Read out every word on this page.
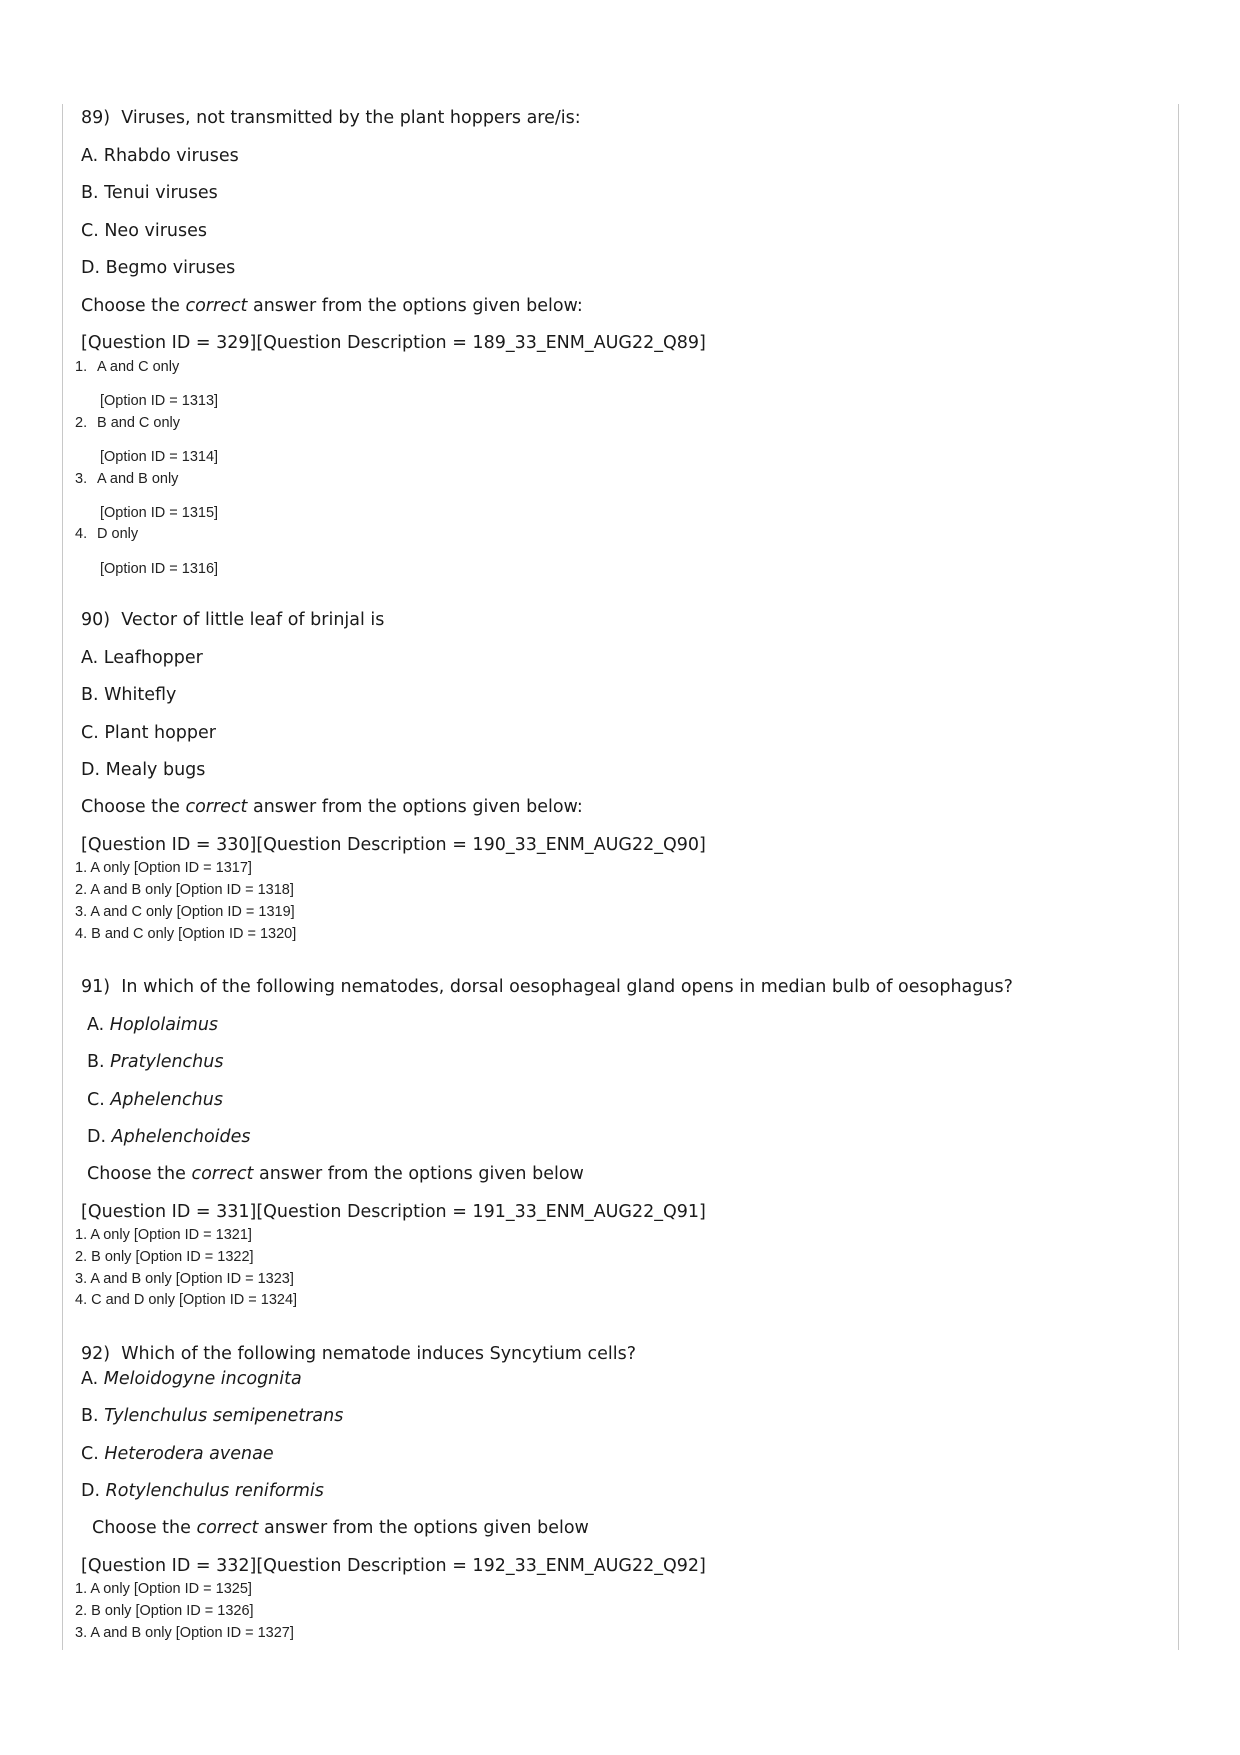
89) Viruses, not transmitted by the plant hoppers are/is:
A. Rhabdo viruses
B. Tenui viruses
C. Neo viruses
D. Begmo viruses
Choose the correct answer from the options given below:
[Question ID = 329][Question Description = 189_33_ENM_AUG22_Q89]
1. A and C only
[Option ID = 1313]
2. B and C only
[Option ID = 1314]
3. A and B only
[Option ID = 1315]
4. D only
[Option ID = 1316]
90) Vector of little leaf of brinjal is
A. Leafhopper
B. Whitefly
C. Plant hopper
D. Mealy bugs
Choose the correct answer from the options given below:
[Question ID = 330][Question Description = 190_33_ENM_AUG22_Q90]
1. A only [Option ID = 1317]
2. A and B only [Option ID = 1318]
3. A and C only [Option ID = 1319]
4. B and C only [Option ID = 1320]
91) In which of the following nematodes, dorsal oesophageal gland opens in median bulb of oesophagus?
A. Hoplolaimus
B. Pratylenchus
C. Aphelenchus
D. Aphelenchoides
Choose the correct answer from the options given below
[Question ID = 331][Question Description = 191_33_ENM_AUG22_Q91]
1. A only [Option ID = 1321]
2. B only [Option ID = 1322]
3. A and B only [Option ID = 1323]
4. C and D only [Option ID = 1324]
92) Which of the following nematode induces Syncytium cells?
A. Meloidogyne incognita
B. Tylenchulus semipenetrans
C. Heterodera avenae
D. Rotylenchulus reniformis
Choose the correct answer from the options given below
[Question ID = 332][Question Description = 192_33_ENM_AUG22_Q92]
1. A only [Option ID = 1325]
2. B only [Option ID = 1326]
3. A and B only [Option ID = 1327]
